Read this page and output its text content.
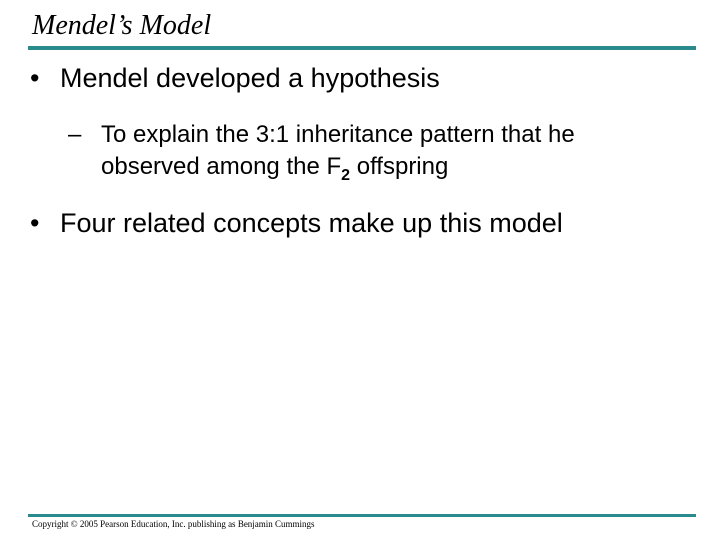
Mendel’s Model
• Mendel developed a hypothesis
– To explain the 3:1 inheritance pattern that he
observed among the $F_2$ offspring
• Four related concepts make up this model
Copyright © 2005 Pearson Education, Inc. publishing as Benjamin Cummings
